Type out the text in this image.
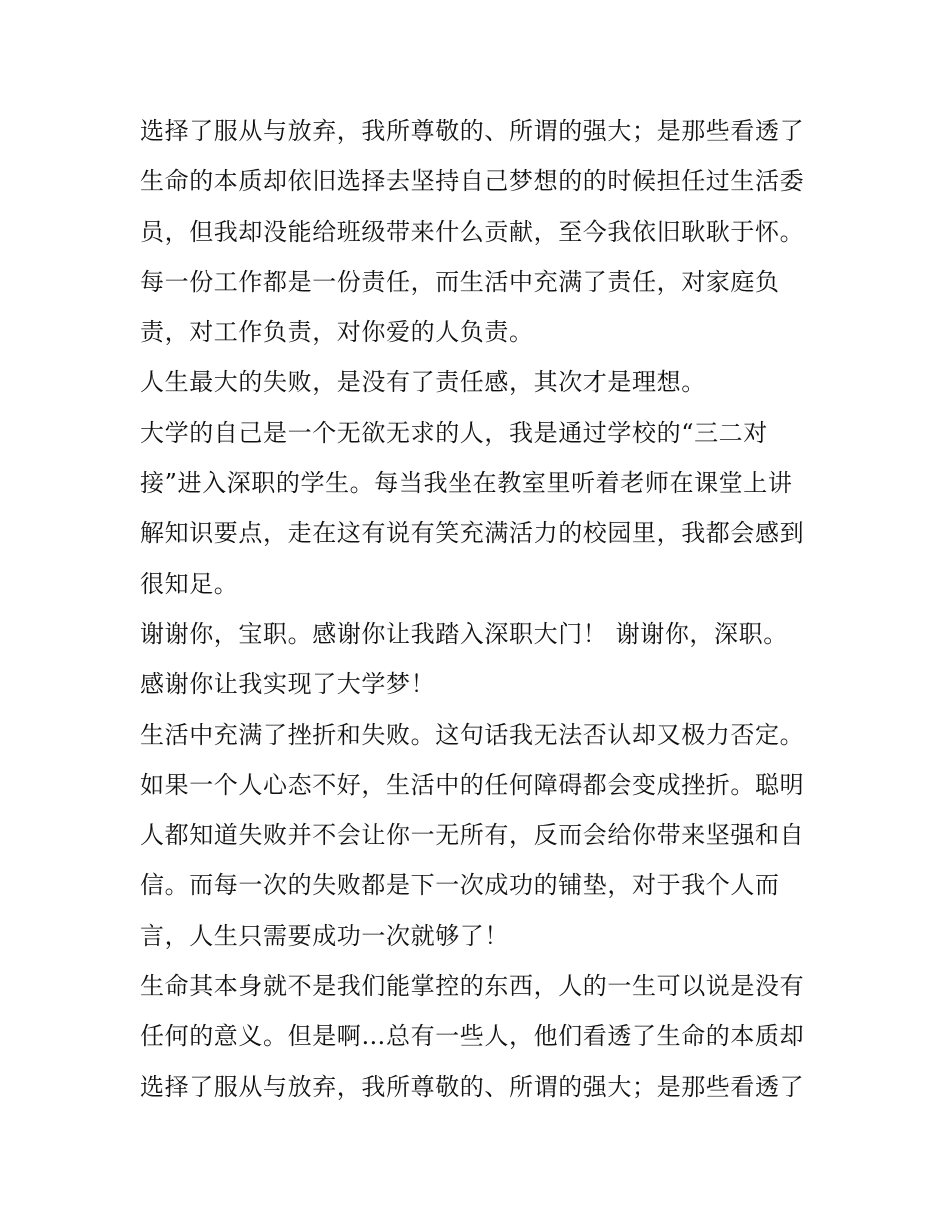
选择了服从与放弃，我所尊敬的、所谓的强大；是那些看透了
生命的本质却依旧选择去坚持自己梦想的的时候担任过生活委
员，但我却没能给班级带来什么贡献，至今我依旧耿耿于怀。
每一份工作都是一份责任，而生活中充满了责任，对家庭负
责，对工作负责，对你爱的人负责。
人生最大的失败，是没有了责任感，其次才是理想。
大学的自己是一个无欲无求的人，我是通过学校的“三二对
接”进入深职的学生。每当我坐在教室里听着老师在课堂上讲
解知识要点，走在这有说有笑充满活力的校园里，我都会感到
很知足。
谢谢你，宝职。感谢你让我踏入深职大门！ 谢谢你，深职。
感谢你让我实现了大学梦！
生活中充满了挫折和失败。这句话我无法否认却又极力否定。
如果一个人心态不好，生活中的任何障碍都会变成挫折。聪明
人都知道失败并不会让你一无所有，反而会给你带来坚强和自
信。而每一次的失败都是下一次成功的铺垫，对于我个人而
言，人生只需要成功一次就够了！
生命其本身就不是我们能掌控的东西，人的一生可以说是没有
任何的意义。但是啊…总有一些人，他们看透了生命的本质却
选择了服从与放弃，我所尊敬的、所谓的强大；是那些看透了
